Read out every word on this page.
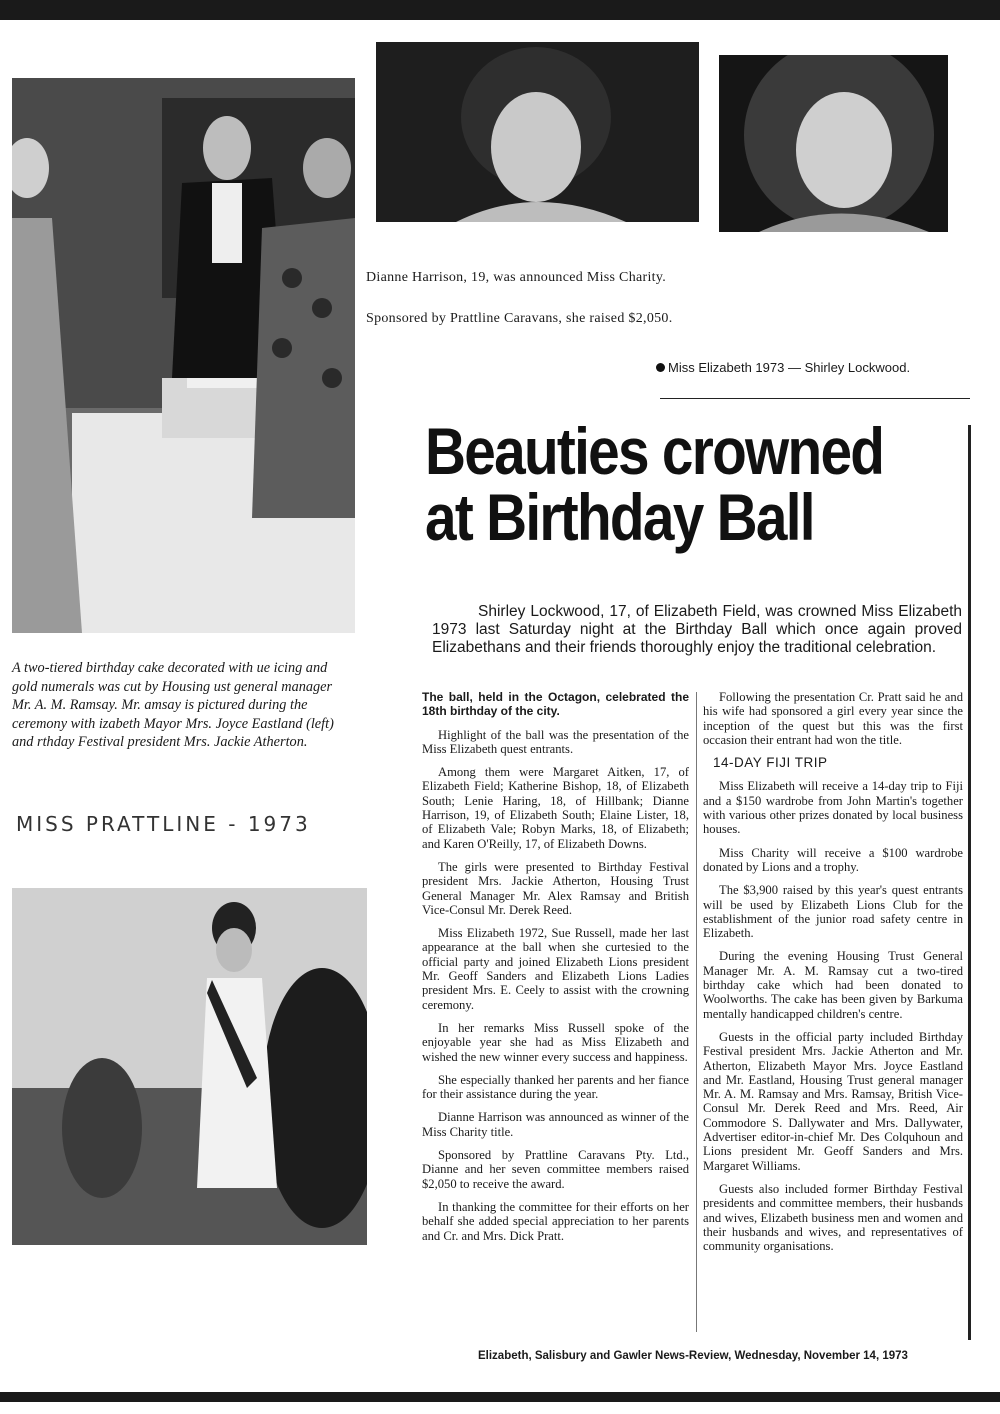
A two-tiered birthday cake decorated with ue icing and gold numerals was cut by Housing ust general manager Mr. A. M. Ramsay. Mr. amsay is pictured during the ceremony with izabeth Mayor Mrs. Joyce Eastland (left) and rthday Festival president Mrs. Jackie Atherton.
MISS PRATTLINE - 1973
Dianne Harrison, 19, was announced Miss Charity.
Sponsored by Prattline Caravans, she raised $2,050.
Miss Elizabeth 1973 — Shirley Lockwood.
Beauties crowned
at Birthday Ball
Shirley Lockwood, 17, of Elizabeth Field, was crowned Miss Elizabeth 1973 last Saturday night at the Birthday Ball which once again proved Elizabethans and their friends thoroughly enjoy the traditional celebration.

The ball, held in the Octagon, celebrated the 18th birthday of the city.

Highlight of the ball was the presentation of the Miss Elizabeth quest entrants.

Among them were Margaret Aitken, 17, of Elizabeth Field; Katherine Bishop, 18, of Elizabeth South; Lenie Haring, 18, of Hillbank; Dianne Harrison, 19, of Elizabeth South; Elaine Lister, 18, of Elizabeth Vale; Robyn Marks, 18, of Elizabeth; and Karen O'Reilly, 17, of Elizabeth Downs.

The girls were presented to Birthday Festival president Mrs. Jackie Atherton, Housing Trust General Manager Mr. Alex Ramsay and British Vice-Consul Mr. Derek Reed.

Miss Elizabeth 1972, Sue Russell, made her last appearance at the ball when she curtesied to the official party and joined Elizabeth Lions president Mr. Geoff Sanders and Elizabeth Lions Ladies president Mrs. E. Ceely to assist with the crowning ceremony.

In her remarks Miss Russell spoke of the enjoyable year she had as Miss Elizabeth and wished the new winner every success and happiness.

She especially thanked her parents and her fiance for their assistance during the year.

Dianne Harrison was announced as winner of the Miss Charity title.

Sponsored by Prattline Caravans Pty. Ltd., Dianne and her seven committee members raised $2,050 to receive the award.

In thanking the committee for their efforts on her behalf she added special appreciation to her parents and Cr. and Mrs. Dick Pratt.

Following the presentation Cr. Pratt said he and his wife had sponsored a girl every year since the inception of the quest but this was the first occasion their entrant had won the title.

14-DAY FIJI TRIP

Miss Elizabeth will receive a 14-day trip to Fiji and a $150 wardrobe from John Martin's together with various other prizes donated by local business houses.

Miss Charity will receive a $100 wardrobe donated by Lions and a trophy.

The $3,900 raised by this year's quest entrants will be used by Elizabeth Lions Club for the establishment of the junior road safety centre in Elizabeth.

During the evening Housing Trust General Manager Mr. A. M. Ramsay cut a two-tired birthday cake which had been donated to Woolworths. The cake has been given by Barkuma mentally handicapped children's centre.

Guests in the official party included Birthday Festival president Mrs. Jackie Atherton and Mr. Atherton, Elizabeth Mayor Mrs. Joyce Eastland and Mr. Eastland, Housing Trust general manager Mr. A. M. Ramsay and Mrs. Ramsay, British Vice-Consul Mr. Derek Reed and Mrs. Reed, Air Commodore S. Dallywater and Mrs. Dallywater, Advertiser editor-in-chief Mr. Des Colquhoun and Lions president Mr. Geoff Sanders and Mrs. Margaret Williams.

Guests also included former Birthday Festival presidents and committee members, their husbands and wives, Elizabeth business men and women and their husbands and wives, and representatives of community organisations.

Elizabeth, Salisbury and Gawler News-Review, Wednesday, November 14, 1973
